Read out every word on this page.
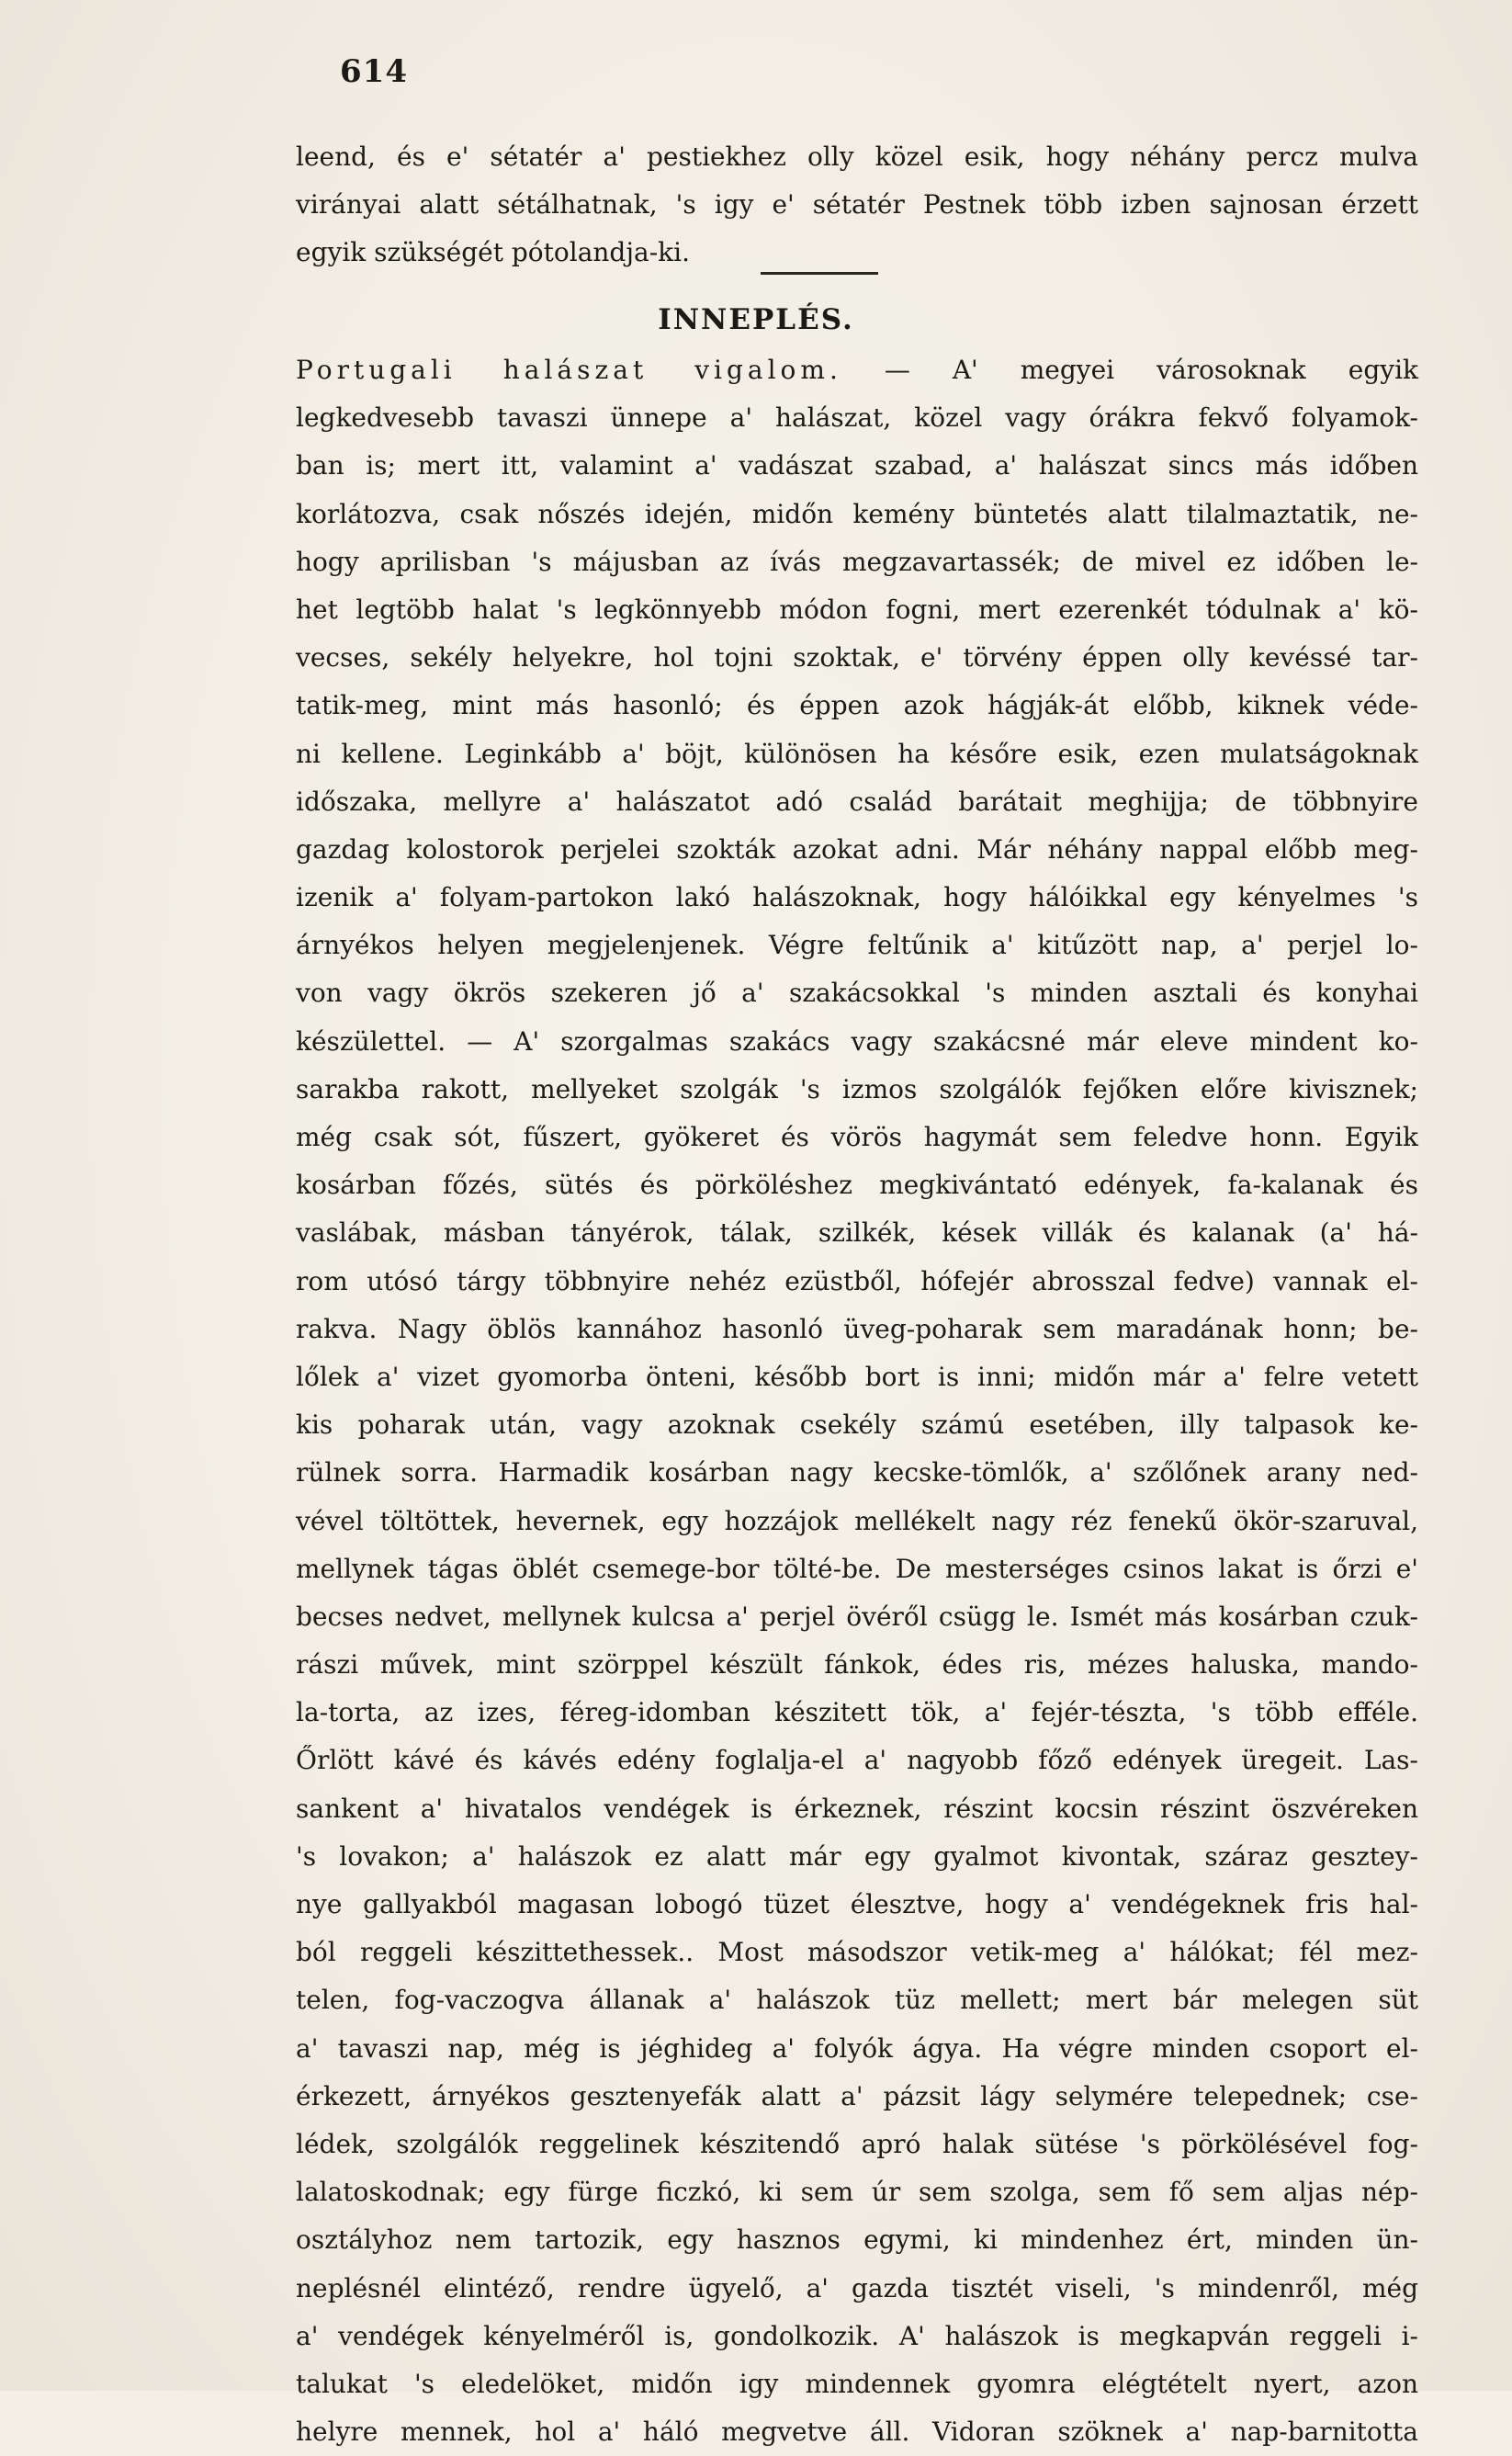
614
leend, és e' sétatér a' pestiekhez olly közel esik, hogy néhány percz mulva
virányai alatt sétálhatnak, 's igy e' sétatér Pestnek több izben sajnosan érzett
egyik szükségét pótolandja-ki.
INNEPLÉS.
Portugali halászat vigalom. — A' megyei városoknak egyik
legkedvesebb tavaszi ünnepe a' halászat, közel vagy órákra fekvő folyamok-
ban is; mert itt, valamint a' vadászat szabad, a' halászat sincs más időben
korlátozva, csak nőszés idején, midőn kemény büntetés alatt tilalmaztatik, ne-
hogy aprilisban 's májusban az ívás megzavartassék; de mivel ez időben le-
het legtöbb halat 's legkönnyebb módon fogni, mert ezerenkét tódulnak a' kö-
vecses, sekély helyekre, hol tojni szoktak, e' törvény éppen olly kevéssé tar-
tatik-meg, mint más hasonló; és éppen azok hágják-át előbb, kiknek véde-
ni kellene. Leginkább a' böjt, különösen ha későre esik, ezen mulatságoknak
időszaka, mellyre a' halászatot adó család barátait meghijja; de többnyire
gazdag kolostorok perjelei szokták azokat adni. Már néhány nappal előbb meg-
izenik a' folyam-partokon lakó halászoknak, hogy hálóikkal egy kényelmes 's
árnyékos helyen megjelenjenek. Végre feltűnik a' kitűzött nap, a' perjel lo-
von vagy ökrös szekeren jő a' szakácsokkal 's minden asztali és konyhai
készülettel. — A' szorgalmas szakács vagy szakácsné már eleve mindent ko-
sarakba rakott, mellyeket szolgák 's izmos szolgálók fejőken előre kivisznek;
még csak sót, fűszert, gyökeret és vörös hagymát sem feledve honn. Egyik
kosárban főzés, sütés és pörköléshez megkivántató edények, fa-kalanak és
vaslábak, másban tányérok, tálak, szilkék, kések villák és kalanak (a' há-
rom utósó tárgy többnyire nehéz ezüstből, hófejér abrosszal fedve) vannak el-
rakva. Nagy öblös kannához hasonló üveg-poharak sem maradának honn; be-
lőlek a' vizet gyomorba önteni, később bort is inni; midőn már a' felre vetett
kis poharak után, vagy azoknak csekély számú esetében, illy talpasok ke-
rülnek sorra. Harmadik kosárban nagy kecske-tömlők, a' szőlőnek arany ned-
vével töltöttek, hevernek, egy hozzájok mellékelt nagy réz fenekű ökör-szaruval,
mellynek tágas öblét csemege-bor tölté-be. De mesterséges csinos lakat is őrzi e'
becses nedvet, mellynek kulcsa a' perjel övéről csügg le. Ismét más kosárban czuk-
rászi művek, mint szörppel készült fánkok, édes ris, mézes haluska, mando-
la-torta, az izes, féreg-idomban készitett tök, a' fejér-tészta, 's több efféle.
Őrlött kávé és kávés edény foglalja-el a' nagyobb főző edények üregeit. Las-
sankent a' hivatalos vendégek is érkeznek, részint kocsin részint öszvéreken
's lovakon; a' halászok ez alatt már egy gyalmot kivontak, száraz gesztey-
nye gallyakból magasan lobogó tüzet élesztve, hogy a' vendégeknek fris hal-
ból reggeli készittethessek.. Most másodszor vetik-meg a' hálókat; fél mez-
telen, fog-vaczogva állanak a' halászok tüz mellett; mert bár melegen süt
a' tavaszi nap, még is jéghideg a' folyók ágya. Ha végre minden csoport el-
érkezett, árnyékos gesztenyefák alatt a' pázsit lágy selymére telepednek; cse-
lédek, szolgálók reggelinek készitendő apró halak sütése 's pörkölésével fog-
lalatoskodnak; egy fürge ficzkó, ki sem úr sem szolga, sem fő sem aljas nép-
osztályhoz nem tartozik, egy hasznos egymi, ki mindenhez ért, minden ün-
neplésnél elintéző, rendre ügyelő, a' gazda tisztét viseli, 's mindenről, még
a' vendégek kényelméről is, gondolkozik. A' halászok is megkapván reggeli i-
talukat 's eledelöket, midőn igy mindennek gyomra elégtételt nyert, azon
helyre mennek, hol a' háló megvetve áll. Vidoran szöknek a' nap-barnitotta
